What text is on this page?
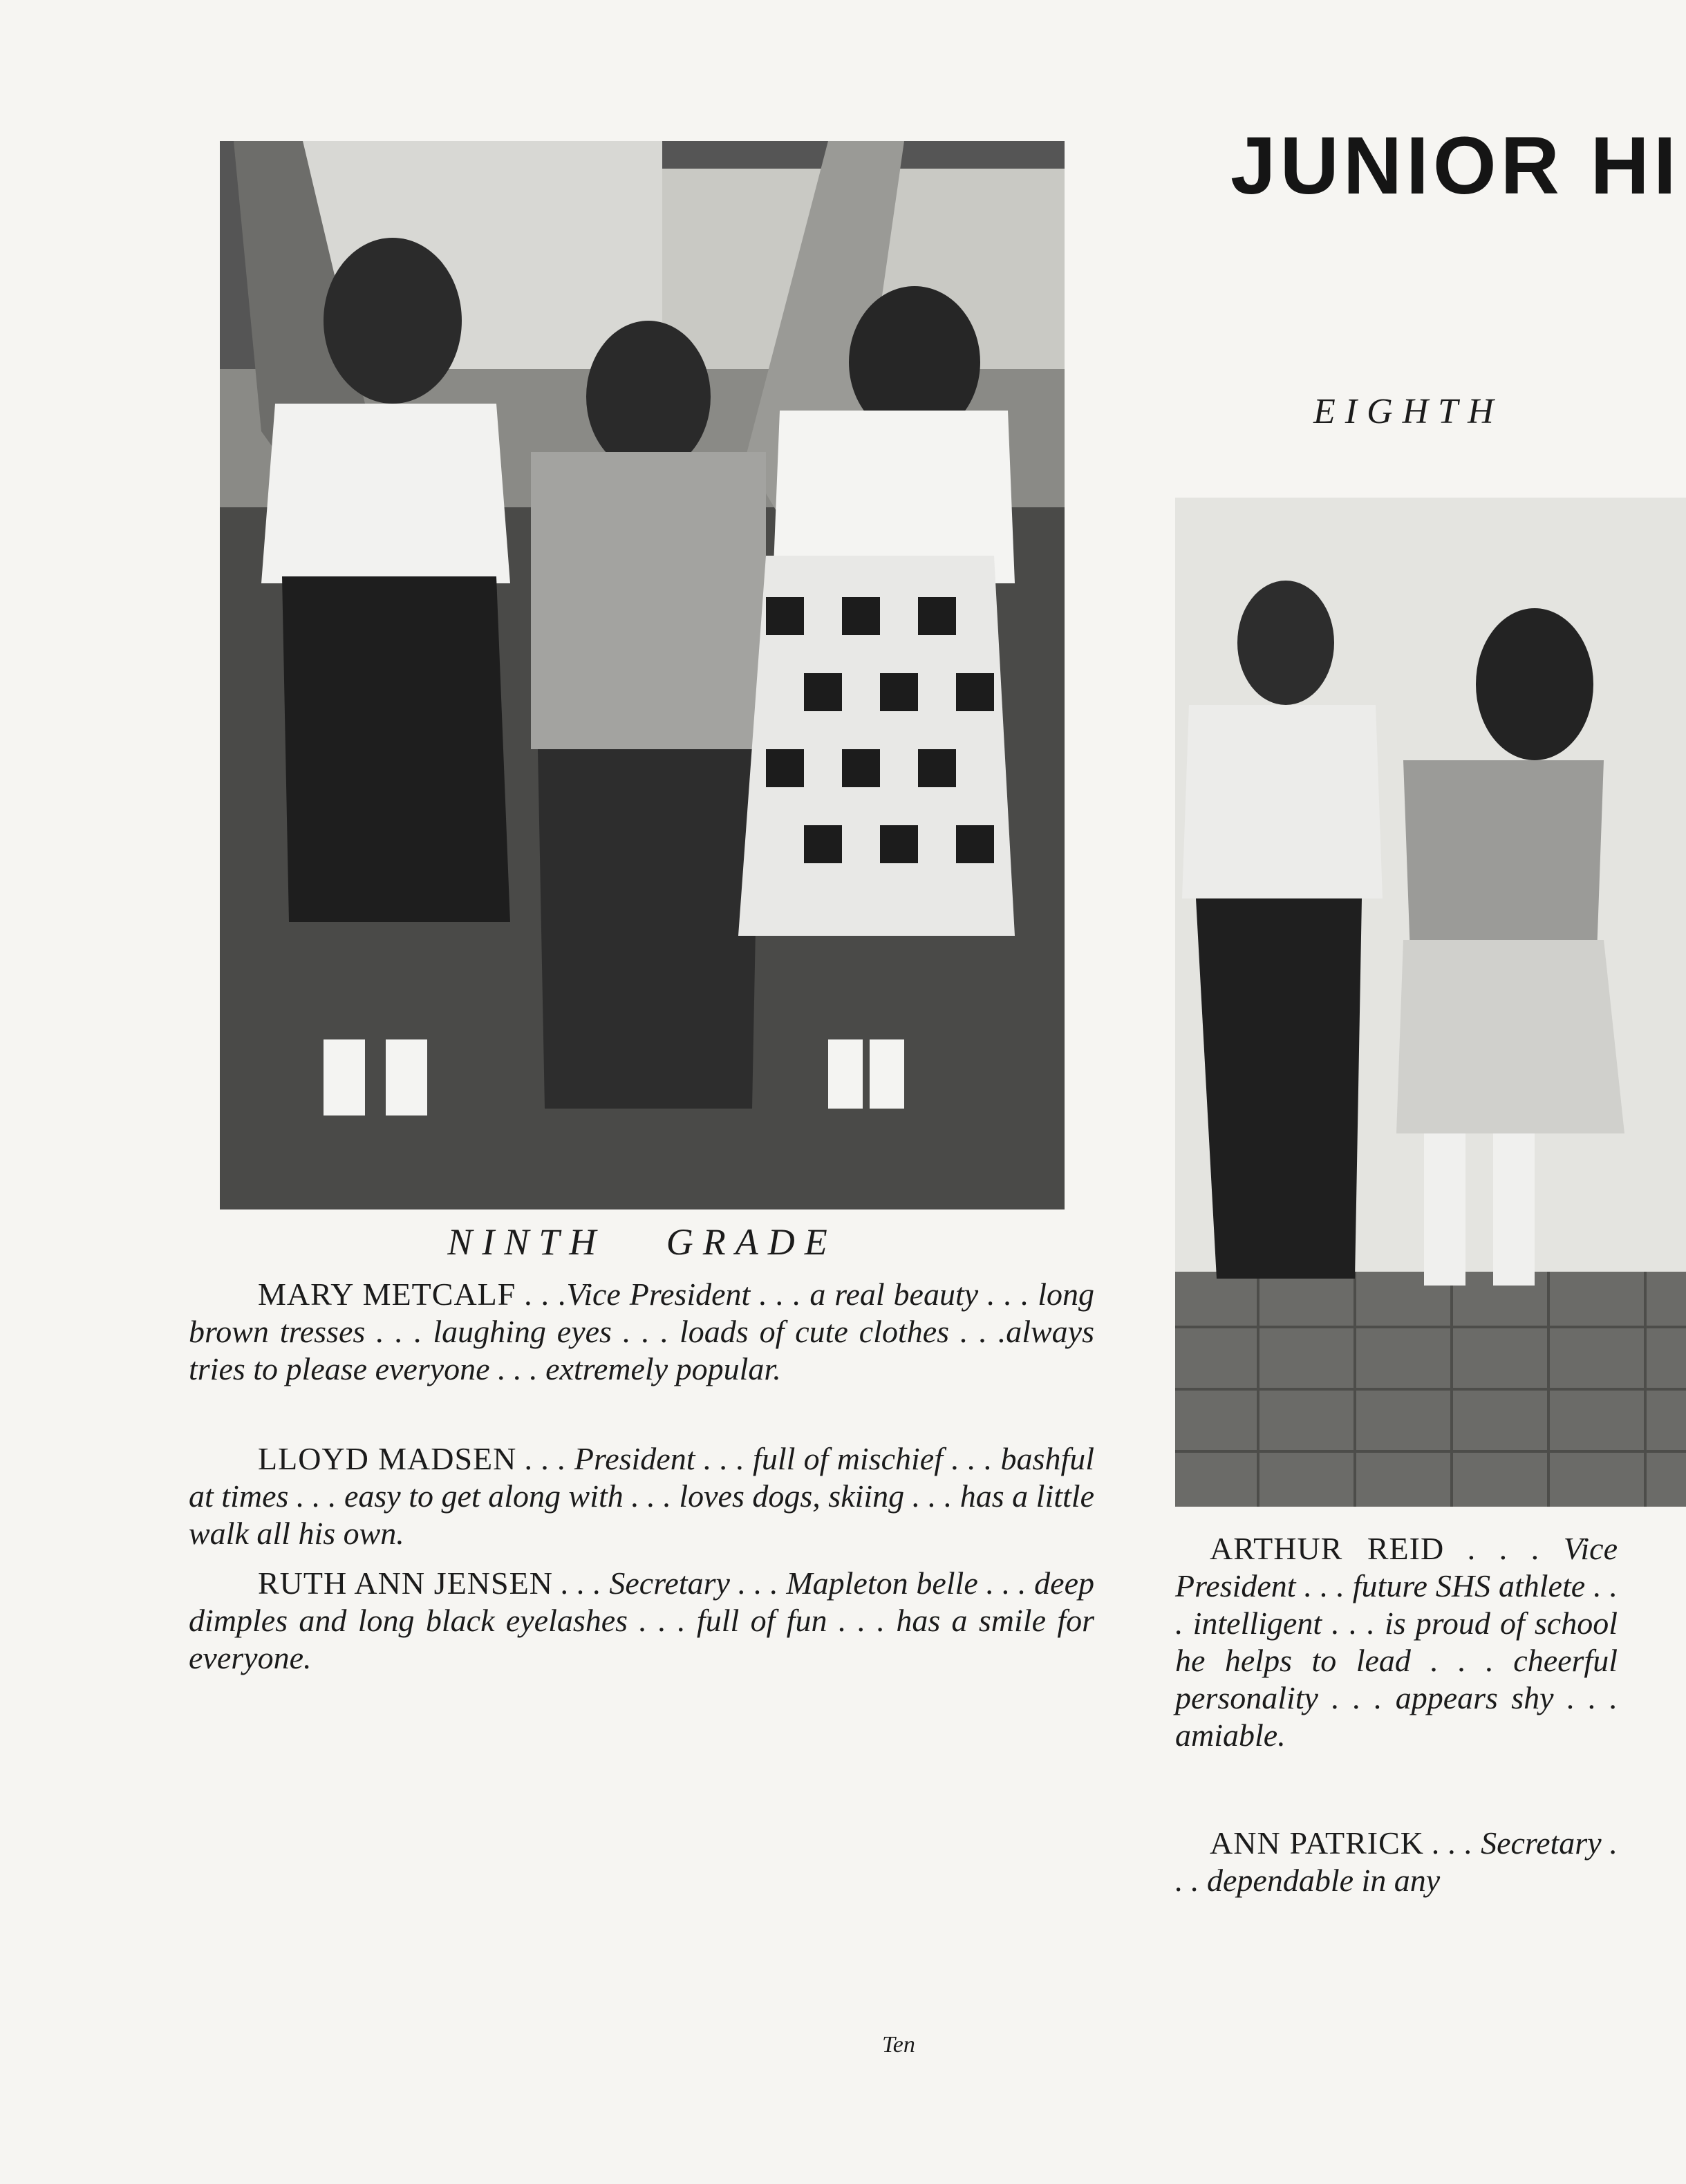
JUNIOR HI
EIGHTH
NINTH GRADE

MARY METCALF . . .Vice President . . . a real beauty . . . long brown tresses . . . laughing eyes . . . loads of cute clothes . . .always tries to please everyone . . . extremely popular.

LLOYD MADSEN . . . President . . . full of mischief . . . bashful at times . . . easy to get along with . . . loves dogs, skiing . . . has a little walk all his own.

RUTH ANN JENSEN . . . Secretary . . . Mapleton belle . . . deep dimples and long black eyelashes . . . full of fun . . . has a smile for everyone.

ARTHUR REID . . . Vice President . . . future SHS athlete . . . intelligent . . . is proud of school he helps to lead . . . cheerful personality . . . appears shy . . . amiable.

ANN PATRICK . . . Secretary . . . dependable in any

Ten
